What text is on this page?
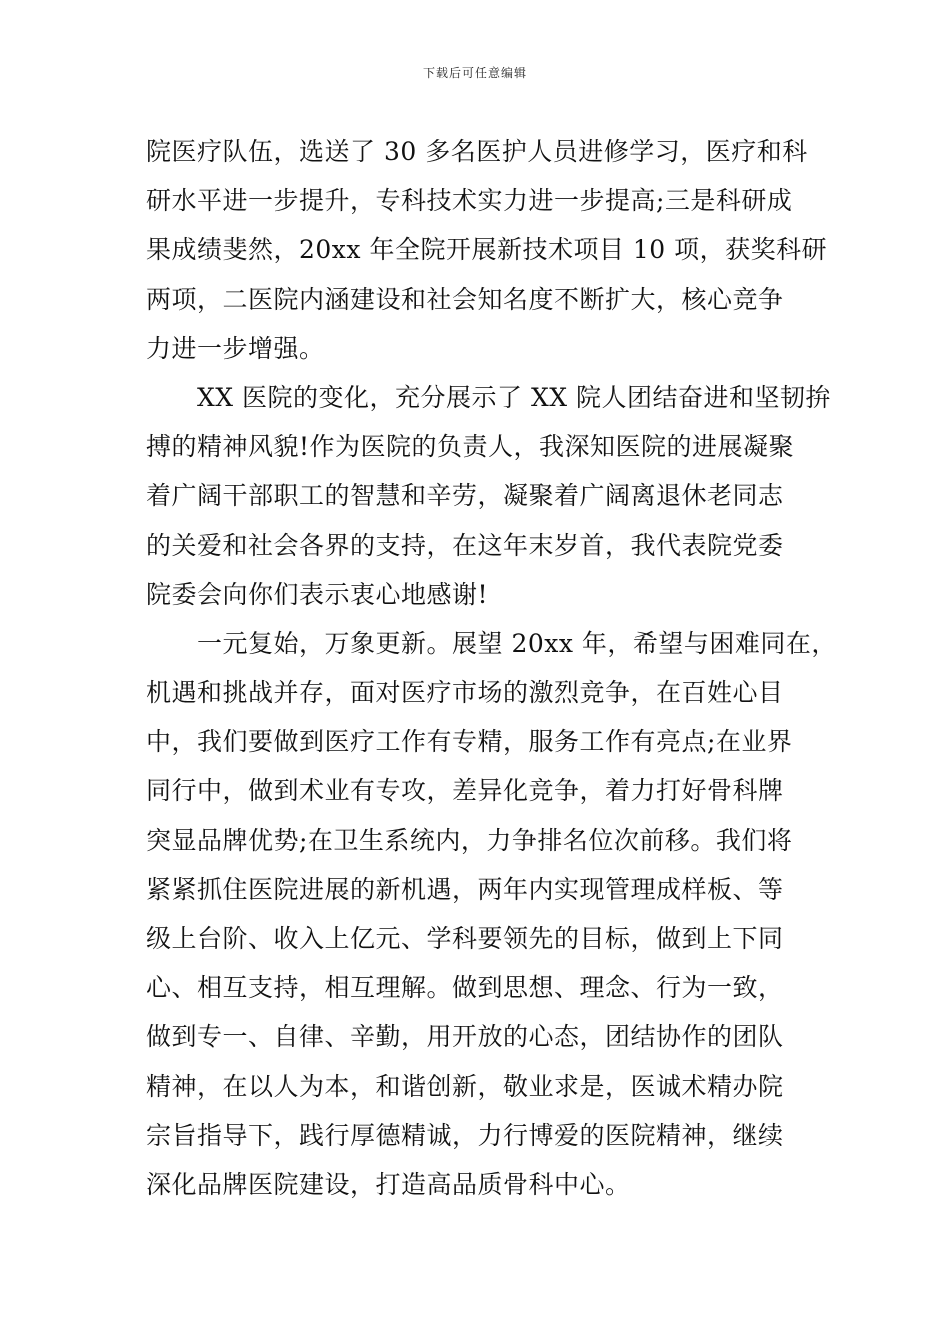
下载后可任意编辑
院医疗队伍，选送了 30 多名医护人员进修学习，医疗和科
研水平进一步提升，专科技术实力进一步提高;三是科研成
果成绩斐然，20xx 年全院开展新技术项目 10 项，获奖科研
两项，二医院内涵建设和社会知名度不断扩大，核心竞争
力进一步增强。
　　XX 医院的变化，充分展示了 XX 院人团结奋进和坚韧拚
搏的精神风貌!作为医院的负责人，我深知医院的进展凝聚
着广阔干部职工的智慧和辛劳，凝聚着广阔离退休老同志
的关爱和社会各界的支持，在这年末岁首，我代表院党委
院委会向你们表示衷心地感谢!
　　一元复始，万象更新。展望 20xx 年，希望与困难同在，
机遇和挑战并存，面对医疗市场的激烈竞争，在百姓心目
中，我们要做到医疗工作有专精，服务工作有亮点;在业界
同行中，做到术业有专攻，差异化竞争，着力打好骨科牌
突显品牌优势;在卫生系统内，力争排名位次前移。我们将
紧紧抓住医院进展的新机遇，两年内实现管理成样板、等
级上台阶、收入上亿元、学科要领先的目标，做到上下同
心、相互支持，相互理解。做到思想、理念、行为一致，
做到专一、自律、辛勤，用开放的心态，团结协作的团队
精神，在以人为本，和谐创新，敬业求是，医诚术精办院
宗旨指导下，践行厚德精诚，力行博爱的医院精神，继续
深化品牌医院建设，打造高品质骨科中心。
